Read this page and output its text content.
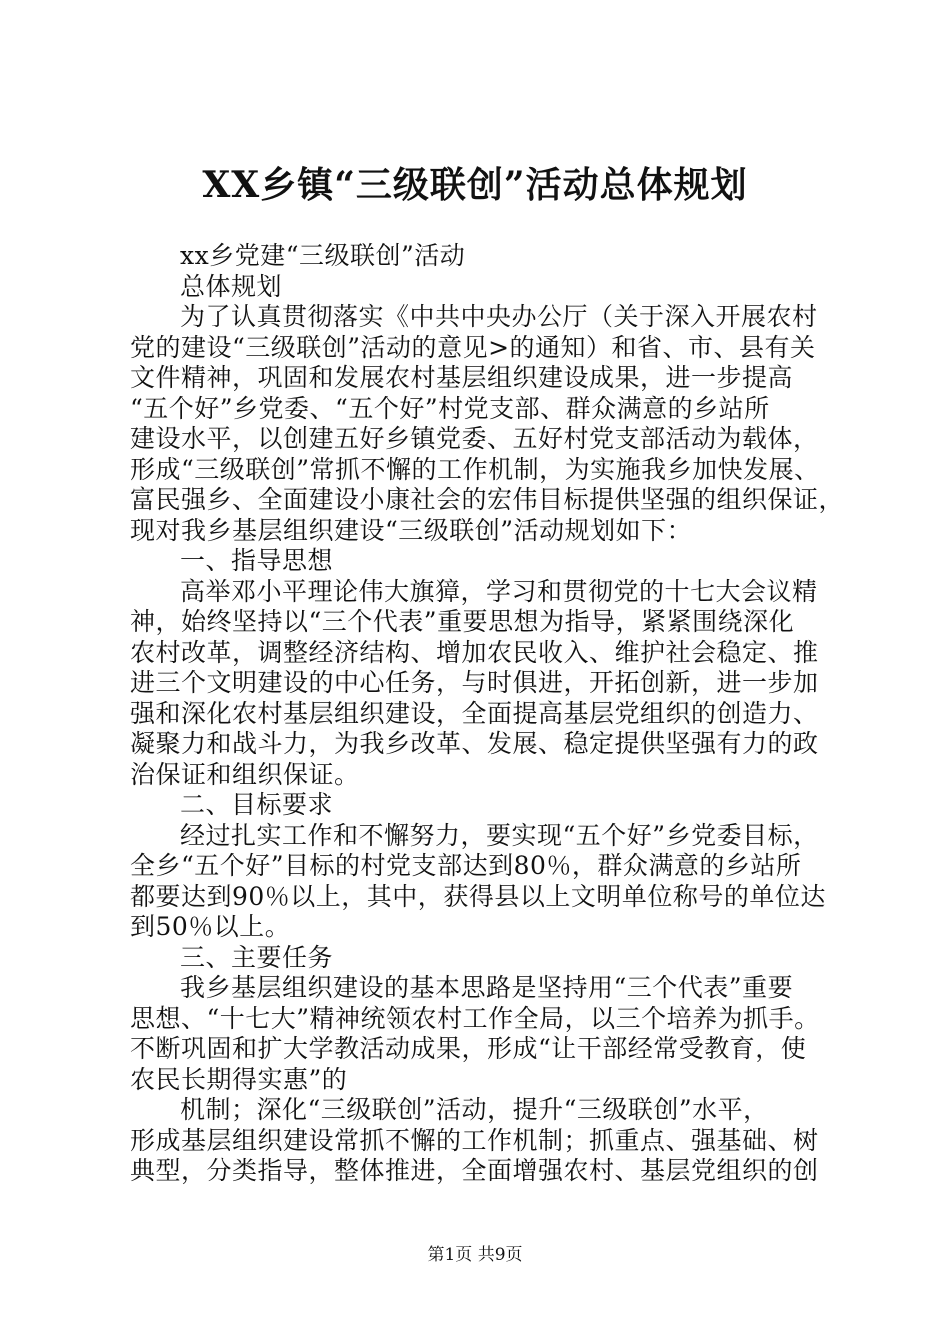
XX乡镇“三级联创”活动总体规划
xx乡党建“三级联创”活动
总体规划
为了认真贯彻落实《中共中央办公厅（关于深入开展农村
党的建设“三级联创”活动的意见>的通知）和省、市、县有关
文件精神，巩固和发展农村基层组织建设成果，进一步提高
“五个好”乡党委、“五个好”村党支部、群众满意的乡站所
建设水平，以创建五好乡镇党委、五好村党支部活动为载体，
形成“三级联创”常抓不懈的工作机制，为实施我乡加快发展、
富民强乡、全面建设小康社会的宏伟目标提供坚强的组织保证，
现对我乡基层组织建设“三级联创”活动规划如下：
一、指导思想
高举邓小平理论伟大旗獐，学习和贯彻党的十七大会议精
神，始终坚持以“三个代表”重要思想为指导，紧紧围绕深化
农村改革，调整经济结构、增加农民收入、维护社会稳定、推
进三个文明建设的中心任务，与时俱进，开拓创新，进一步加
强和深化农村基层组织建设，全面提高基层党组织的创造力、
凝聚力和战斗力，为我乡改革、发展、稳定提供坚强有力的政
治保证和组织保证。
二、目标要求
经过扎实工作和不懈努力，要实现“五个好”乡党委目标，
全乡“五个好”目标的村党支部达到80％，群众满意的乡站所
都要达到90％以上，其中，获得县以上文明单位称号的单位达
到50％以上。
三、主要任务
我乡基层组织建设的基本思路是坚持用“三个代表”重要
思想、“十七大”精神统领农村工作全局，以三个培养为抓手。
不断巩固和扩大学教活动成果，形成“让干部经常受教育，使
农民长期得实惠”的
机制；深化“三级联创”活动，提升“三级联创”水平，
形成基层组织建设常抓不懈的工作机制；抓重点、强基础、树
典型，分类指导，整体推进，全面增强农村、基层党组织的创
第1页 共9页
